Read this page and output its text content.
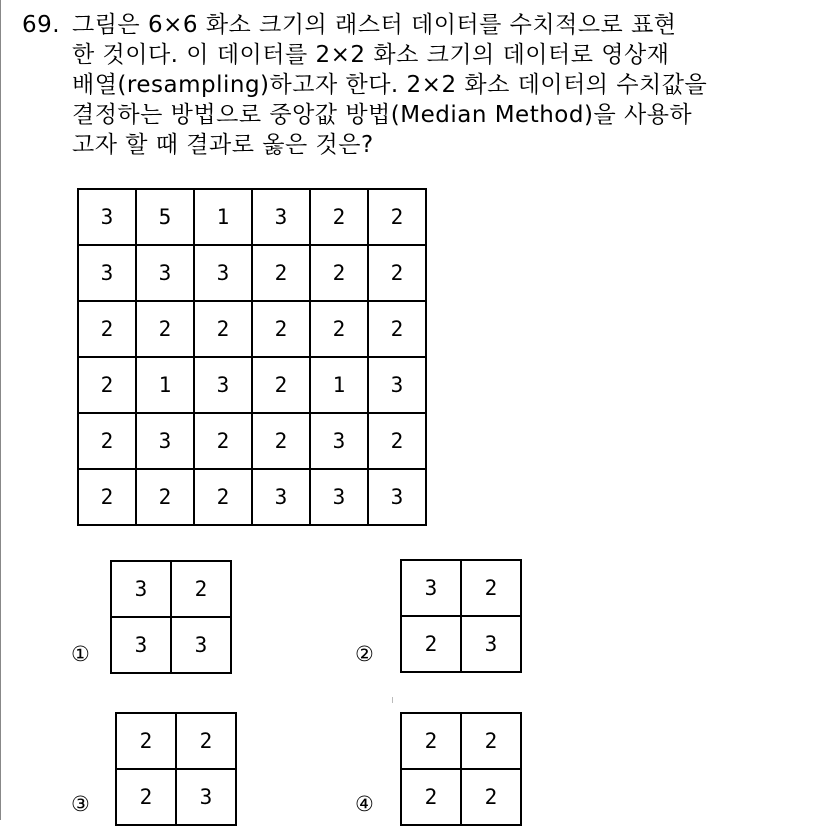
69. 그림은 6×6 화소 크기의 래스터 데이터를 수치적으로 표현
한 것이다. 이 데이터를 2×2 화소 크기의 데이터로 영상재
배열(resampling)하고자 한다. 2×2 화소 데이터의 수치값을
결정하는 방법으로 중앙값 방법(Median Method)을 사용하
고자 할 때 결과로 옳은 것은?
3	5	1	3	2	2
3	3	3	2	2	2
2	2	2	2	2	2
2	1	3	2	1	3
2	3	2	2	3	2
2	2	2	3	3	3
①
3	2
3	3	②
3	2
2	3
③
2	2
2	3	④
2	2
2	2
